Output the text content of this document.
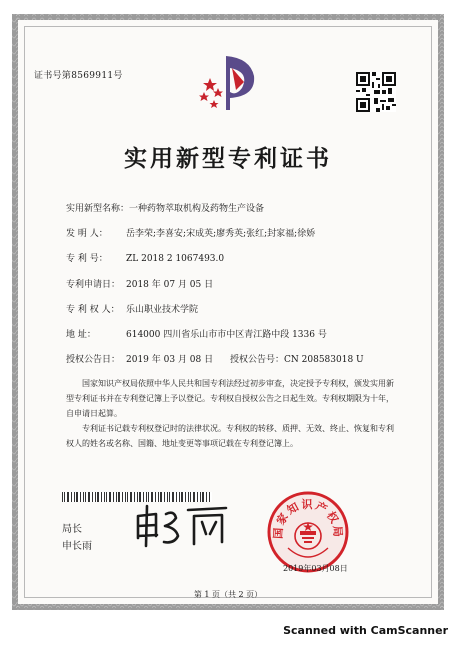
证书号第8569911号
实用新型专利证书
实用新型名称：一种药物萃取机构及药物生产设备
发 明 人： 岳李荣;李喜安;宋成英;廖秀英;张红;封家福;徐娇
专 利 号： ZL 2018 2 1067493.0
专利申请日： 2018 年 07 月 05 日
专 利 权 人： 乐山职业技术学院
地 址：	614000 四川省乐山市市中区青江路中段 1336 号
授权公告日： 2019 年 03 月 08 日 授权公告号：CN 208583018 U
国家知识产权局依照中华人民共和国专利法经过初步审查，决定授予专利权，颁发实用新型专利证书并在专利登记簿上予以登记。专利权自授权公告之日起生效。专利权期限为十年，自申请日起算。
专利证书记载专利权登记时的法律状况。专利权的转移、质押、无效、终止、恢复和专利权人的姓名或名称、国籍、地址变更等事项记载在专利登记簿上。
局长
申长雨
国家知识产权局
2019年03月08日
第 1 页（共 2 页）
Scanned with CamScanner
